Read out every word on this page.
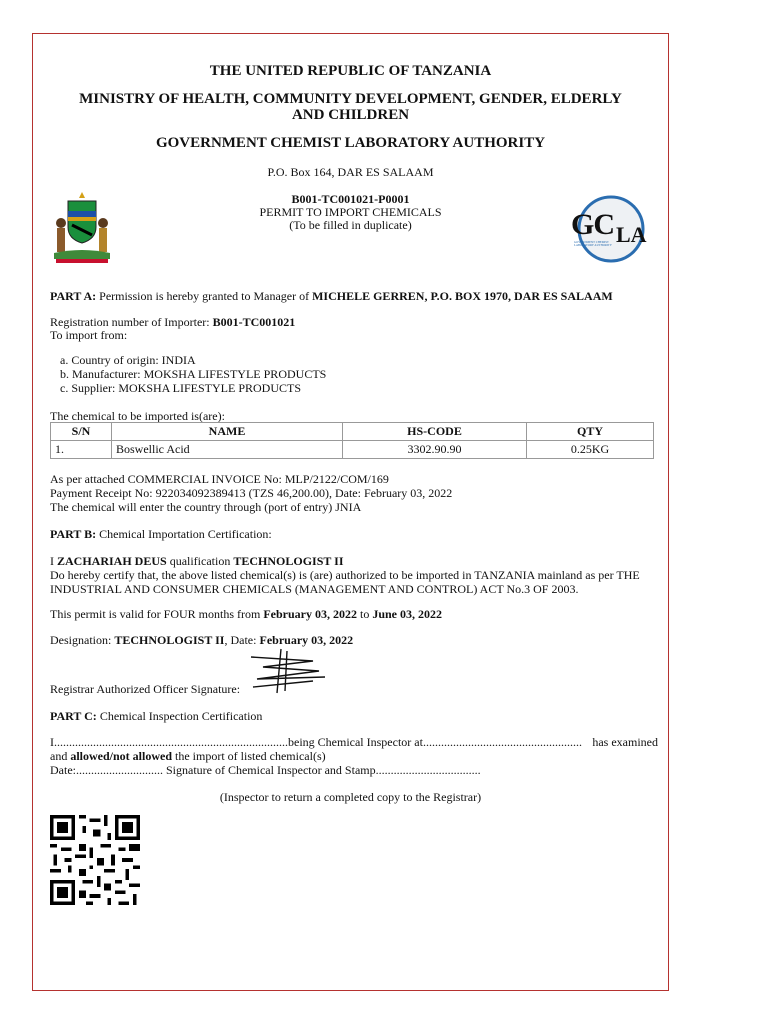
THE UNITED REPUBLIC OF TANZANIA
MINISTRY OF HEALTH, COMMUNITY DEVELOPMENT, GENDER, ELDERLY AND CHILDREN
GOVERNMENT CHEMIST LABORATORY AUTHORITY
P.O. Box 164, DAR ES SALAAM
B001-TC001021-P0001
PERMIT TO IMPORT CHEMICALS
(To be filled in duplicate)	GC LA
GOVERNMENT CHEMIST LABORATORY AUTHORITY
PART A: Permission is hereby granted to Manager of MICHELE GERREN, P.O. BOX 1970, DAR ES SALAAM
Registration number of Importer: B001-TC001021
To import from:
a. Country of origin: INDIA
b. Manufacturer: MOKSHA LIFESTYLE PRODUCTS
c. Supplier: MOKSHA LIFESTYLE PRODUCTS
The chemical to be imported is(are):
S/N	NAME	HS-CODE	QTY
1.	Boswellic Acid	3302.90.90	0.25KG
As per attached COMMERCIAL INVOICE No: MLP/2122/COM/169
Payment Receipt No: 922034092389413 (TZS 46,200.00), Date: February 03, 2022
The chemical will enter the country through (port of entry) JNIA
PART B: Chemical Importation Certification:
I ZACHARIAH DEUS qualification TECHNOLOGIST II
Do hereby certify that, the above listed chemical(s) is (are) authorized to be imported in TANZANIA mainland as per THE INDUSTRIAL AND CONSUMER CHEMICALS (MANAGEMENT AND CONTROL) ACT No.3 OF 2003.
This permit is valid for FOUR months from February 03, 2022 to June 03, 2022
Designation: TECHNOLOGIST II, Date: February 03, 2022
Registrar Authorized Officer Signature:
PART C: Chemical Inspection Certification
I..............................................................................being Chemical Inspector at..................................................... has examined
and allowed/not allowed the import of listed chemical(s)
Date:............................. Signature of Chemical Inspector and Stamp...................................
(Inspector to return a completed copy to the Registrar)
